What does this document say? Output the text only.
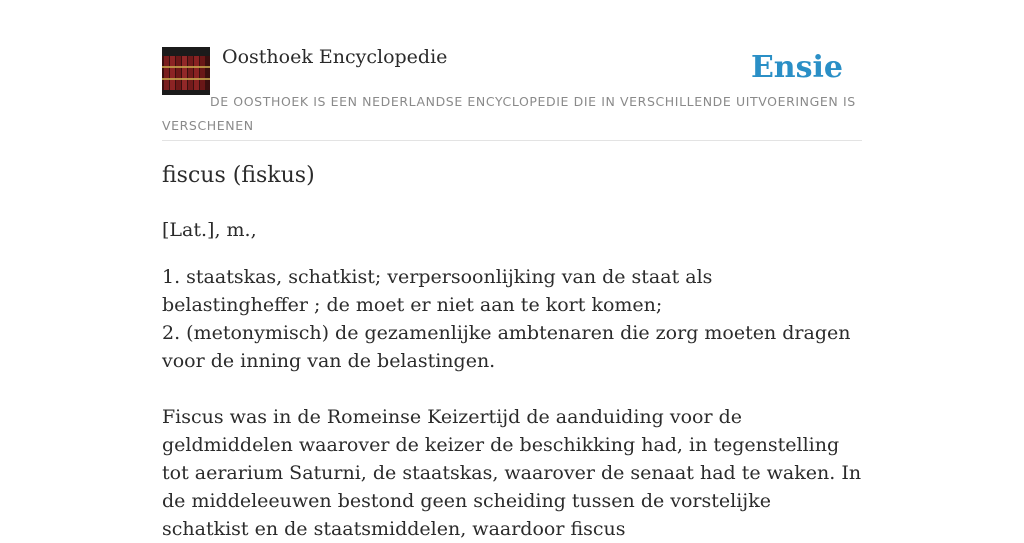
Oosthoek Encyclopedie	Ensie
DE OOSTHOEK IS EEN NEDERLANDSE ENCYCLOPEDIE DIE IN VERSCHILLENDE UITVOERINGEN IS VERSCHENEN
fiscus (fiskus)

[Lat.], m.,

1. staatskas, schatkist; verpersoonlijking van de staat als belastingheffer ; de moet er niet aan te kort komen;
2. (metonymisch) de gezamenlijke ambtenaren die zorg moeten dragen voor de inning van de belastingen.

Fiscus was in de Romeinse Keizertijd de aanduiding voor de geldmiddelen waarover de keizer de beschikking had, in tegenstelling tot aerarium Saturni, de staatskas, waarover de senaat had te waken. In de middeleeuwen bestond geen scheiding tussen de vorstelijke schatkist en de staatsmiddelen, waardoor fiscus
